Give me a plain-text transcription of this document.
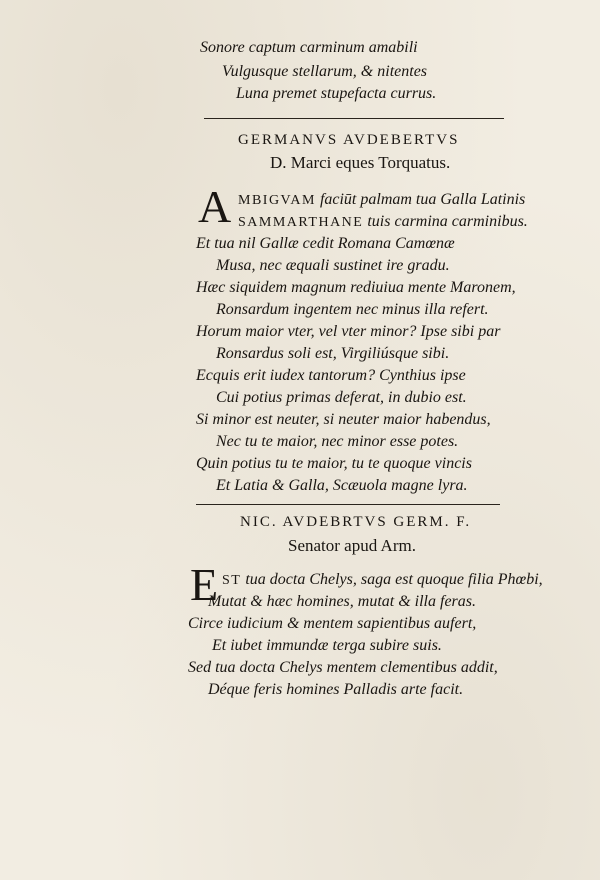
Sonore captum carminum amabili
Vulgusque stellarum, & nitentes
Luna premet stupefacta currus.
GERMANVS AVDEBERTVS
D. Marci eques Torquatus.
A MBIGVAM faciūt palmam tua Galla Latinis
SAMMARTHANE tuis carmina carminibus.
Et tua nil Gallæ cedit Romana Camœnæ
Musa, nec æquali sustinet ire gradu.
Hæc siquidem magnum rediuiua mente Maronem,
Ronsardum ingentem nec minus illa refert.
Horum maior vter, vel vter minor? Ipse sibi par
Ronsardus soli est, Virgiliúsque sibi.
Ecquis erit iudex tantorum? Cynthius ipse
Cui potius primas deferat, in dubio est.
Si minor est neuter, si neuter maior habendus,
Nec tu te maior, nec minor esse potes.
Quin potius tu te maior, tu te quoque vincis
Et Latia & Galla, Scæuola magne lyra.
NIC. AVDEBRTVS GERM. F.
Senator apud Arm.
E ST tua docta Chelys, saga est quoque filia Phœbi,
Mutat & hæc homines, mutat & illa feras.
Circe iudicium & mentem sapientibus aufert,
Et iubet immundæ terga subire suis.
Sed tua docta Chelys mentem clementibus addit,
Déque feris homines Palladis arte facit.
